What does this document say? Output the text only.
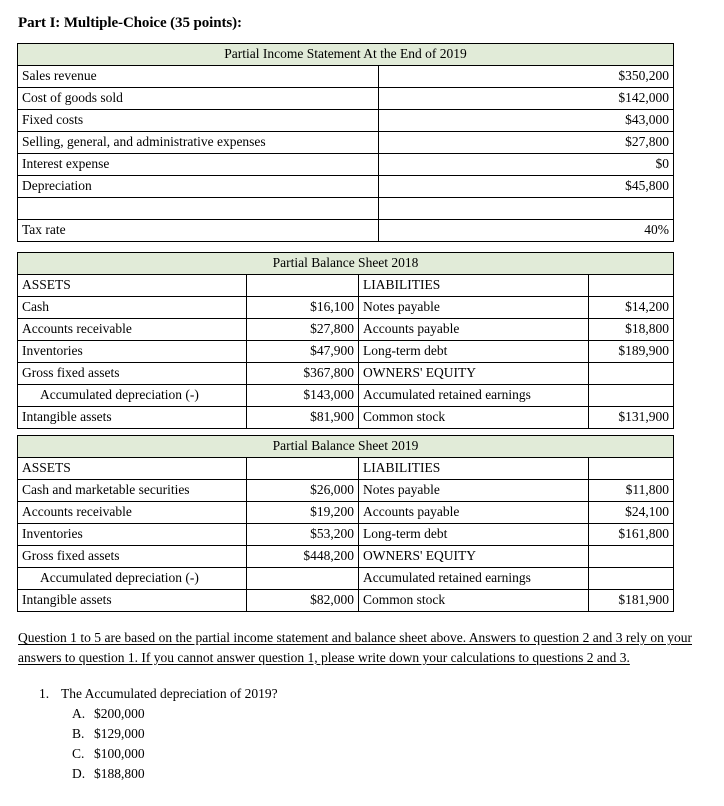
Part I: Multiple-Choice (35 points):
Partial Income Statement At the End of 2019	
Sales revenue	$350,200
Cost of goods sold	$142,000
Fixed costs	$43,000
Selling, general, and administrative expenses	$27,800
Interest expense	$0
Depreciation	$45,800

Tax rate	40%
Partial Balance Sheet 2018			
ASSETS		LIABILITIES	
Cash	$16,100	Notes payable	$14,200
Accounts receivable	$27,800	Accounts payable	$18,800
Inventories	$47,900	Long-term debt	$189,900
Gross fixed assets	$367,800	OWNERS' EQUITY	
Accumulated depreciation (-)	$143,000	Accumulated retained earnings	
Intangible assets	$81,900	Common stock	$131,900
Partial Balance Sheet 2019			
ASSETS		LIABILITIES	
Cash and marketable securities	$26,000	Notes payable	$11,800
Accounts receivable	$19,200	Accounts payable	$24,100
Inventories	$53,200	Long-term debt	$161,800
Gross fixed assets	$448,200	OWNERS' EQUITY	
Accumulated depreciation (-)		Accumulated retained earnings	
Intangible assets	$82,000	Common stock	$181,900

Question 1 to 5 are based on the partial income statement and balance sheet above. Answers to question 2 and 3 rely on your answers to question 1. If you cannot answer question 1, please write down your calculations to questions 2 and 3.

1. The Accumulated depreciation of 2019?
A. $200,000
B. $129,000
C. $100,000
D. $188,800
